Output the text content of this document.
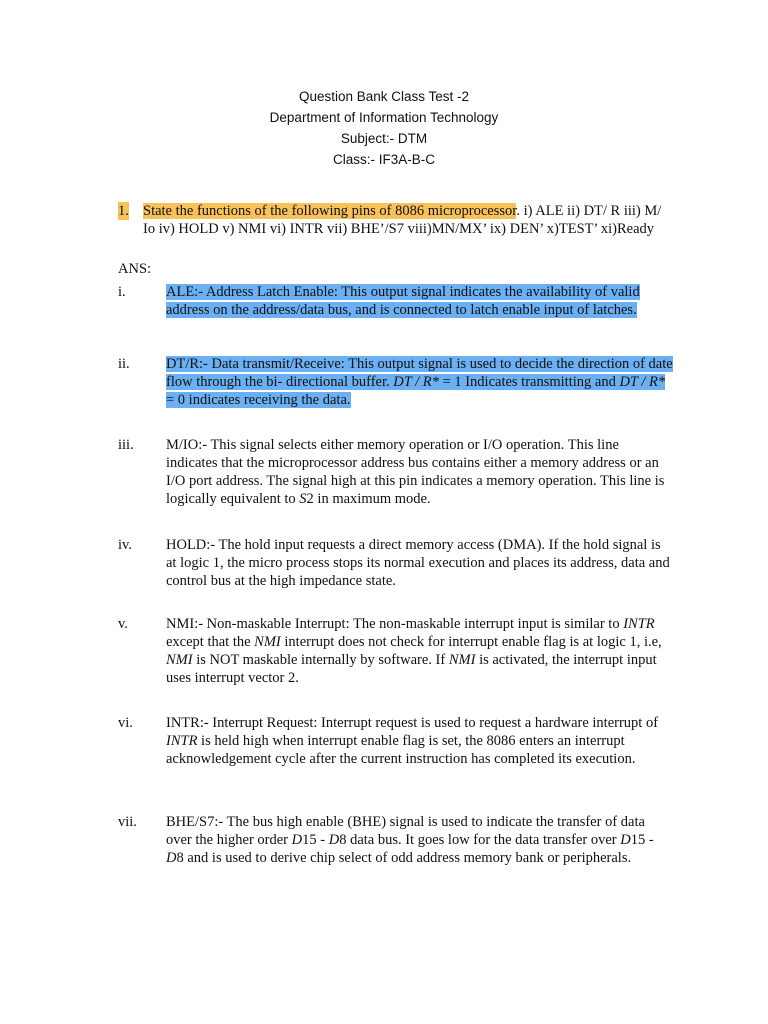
Question Bank Class Test -2
Department of Information Technology
Subject:- DTM
Class:- IF3A-B-C
1. State the functions of the following pins of 8086 microprocessor. i) ALE ii) DT/ R iii) M/ Io iv) HOLD v) NMI vi) INTR vii) BHE’/S7 viii)MN/MX’ ix) DEN’ x)TEST’ xi)Ready
ANS:
i.	ALE:- Address Latch Enable: This output signal indicates the availability of valid address on the address/data bus, and is connected to latch enable input of latches.
ii.	DT/R:- Data transmit/Receive: This output signal is used to decide the direction of date flow through the bi- directional buffer. DT / R* = 1 Indicates transmitting and DT / R* = 0 indicates receiving the data.
iii.	M/IO:- This signal selects either memory operation or I/O operation. This line indicates that the microprocessor address bus contains either a memory address or an I/O port address. The signal high at this pin indicates a memory operation. This line is logically equivalent to S2 in maximum mode.
iv.	HOLD:- The hold input requests a direct memory access (DMA). If the hold signal is at logic 1, the micro process stops its normal execution and places its address, data and control bus at the high impedance state.
v.	NMI:- Non-maskable Interrupt: The non-maskable interrupt input is similar to INTR except that the NMI interrupt does not check for interrupt enable flag is at logic 1, i.e, NMI is NOT maskable internally by software. If NMI is activated, the interrupt input uses interrupt vector 2.
vi.	INTR:- Interrupt Request: Interrupt request is used to request a hardware interrupt of INTR is held high when interrupt enable flag is set, the 8086 enters an interrupt acknowledgement cycle after the current instruction has completed its execution.
vii.	BHE/S7:- The bus high enable (BHE) signal is used to indicate the transfer of data over the higher order D15 - D8 data bus. It goes low for the data transfer over D15 - D8 and is used to derive chip select of odd address memory bank or peripherals.
